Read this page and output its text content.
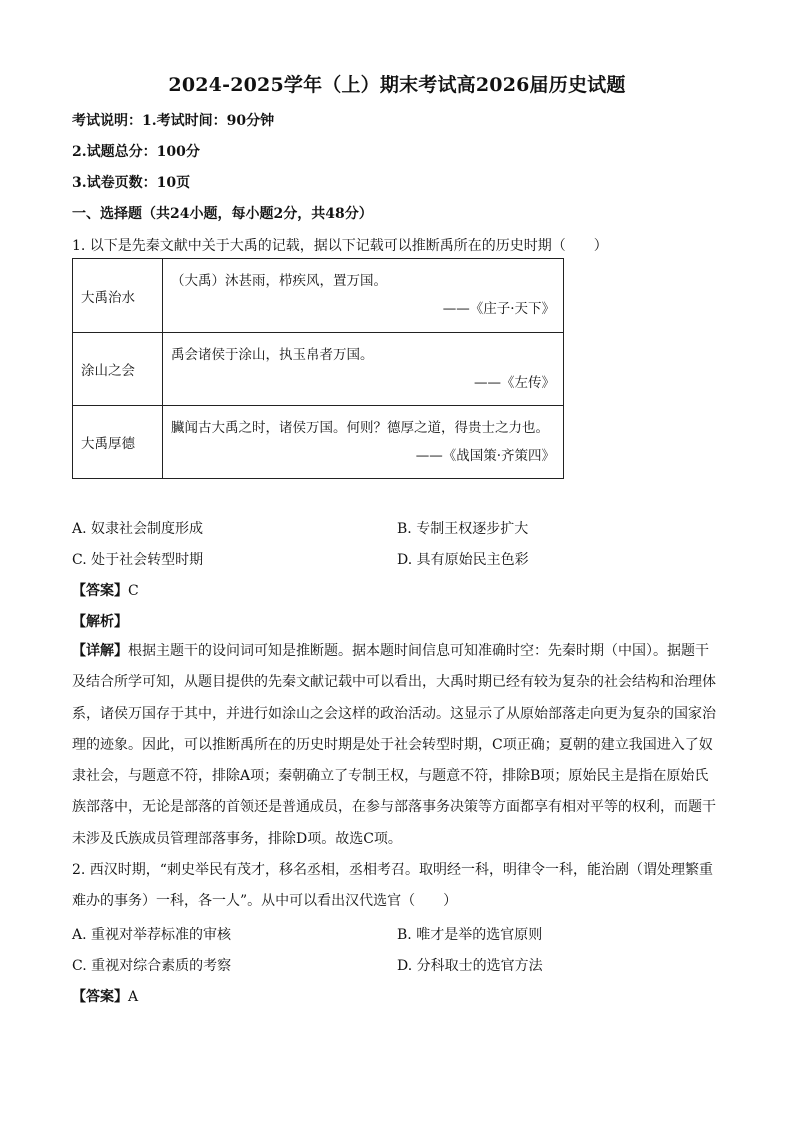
2024-2025学年（上）期末考试高2026届历史试题
考试说明：1.考试时间：90分钟
2.试题总分：100分
3.试卷页数：10页
一、选择题（共24小题，每小题2分，共48分）
1. 以下是先秦文献中关于大禹的记载，据以下记载可以推断禹所在的历史时期（　　）
大禹治水	（大禹）沐甚雨，栉疾风，置万国。
——《庄子·天下》

涂山之会	禹会诸侯于涂山，执玉帛者万国。
——《左传》

大禹厚德	臟闻古大禹之时，诸侯万国。何则？德厚之道，得贵士之力也。
——《战国策·齐策四》
A. 奴隶社会制度形成	B. 专制王权逐步扩大
C. 处于社会转型时期	D. 具有原始民主色彩
【答案】C
【解析】
【详解】根据主题干的设问词可知是推断题。据本题时间信息可知准确时空：先秦时期（中国）。据题干
及结合所学可知，从题目提供的先秦文献记载中可以看出，大禹时期已经有较为复杂的社会结构和治理体
系，诸侯万国存于其中，并进行如涂山之会这样的政治活动。这显示了从原始部落走向更为复杂的国家治
理的迹象。因此，可以推断禹所在的历史时期是处于社会转型时期，C项正确；夏朝的建立我国进入了奴
隶社会，与题意不符，排除A项；秦朝确立了专制王权，与题意不符，排除B项；原始民主是指在原始氏
族部落中，无论是部落的首领还是普通成员，在参与部落事务决策等方面都享有相对平等的权利，而题干
未涉及氏族成员管理部落事务，排除D项。故选C项。
2. 西汉时期，“刺史举民有茂才，移名丞相，丞相考召。取明经一科，明律令一科，能治剧（谓处理繁重
难办的事务）一科，各一人”。从中可以看出汉代选官（　　）
A. 重视对举荐标准的审核	B. 唯才是举的选官原则
C. 重视对综合素质的考察	D. 分科取士的选官方法
【答案】A
